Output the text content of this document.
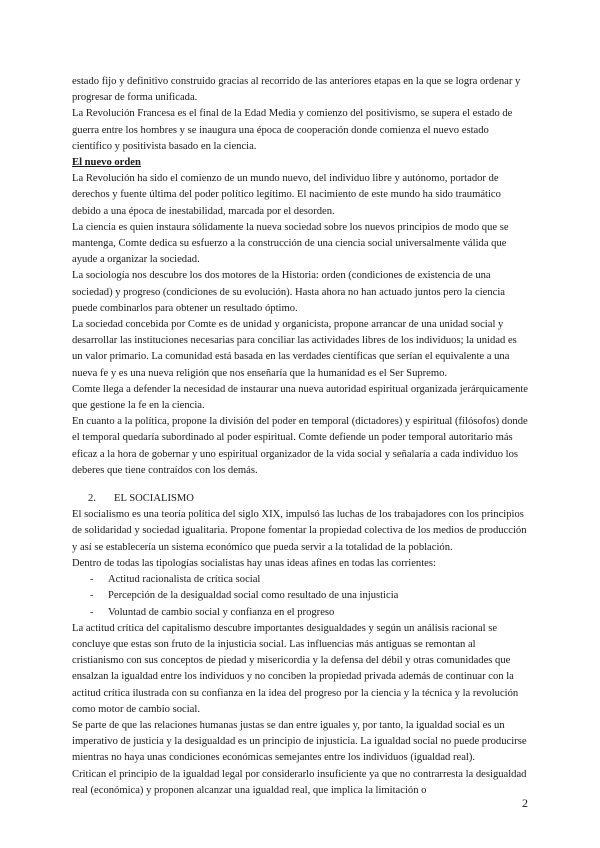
estado fijo y definitivo construido gracias al recorrido de las anteriores etapas en la que se logra ordenar y progresar de forma unificada.

La Revolución Francesa es el final de la Edad Media y comienzo del positivismo, se supera el estado de guerra entre los hombres y se inaugura una época de cooperación donde comienza el nuevo estado científico y positivista basado en la ciencia.

El nuevo orden

La Revolución ha sido el comienzo de un mundo nuevo, del individuo libre y autónomo, portador de derechos y fuente última del poder político legítimo. El nacimiento de este mundo ha sido traumático debido a una época de inestabilidad, marcada por el desorden.

La ciencia es quien instaura sólidamente la nueva sociedad sobre los nuevos principios de modo que se mantenga, Comte dedica su esfuerzo a la construcción de una ciencia social universalmente válida que ayude a organizar la sociedad.

La sociología nos descubre los dos motores de la Historia: orden (condiciones de existencia de una sociedad) y progreso (condiciones de su evolución). Hasta ahora no han actuado juntos pero la ciencia puede combinarlos para obtener un resultado óptimo.

La sociedad concebida por Comte es de unidad y organicista, propone arrancar de una unidad social y desarrollar las instituciones necesarias para conciliar las actividades libres de los individuos; la unidad es un valor primario. La comunidad está basada en las verdades científicas que serían el equivalente a una nueva fe y es una nueva religión que nos enseñaría que la humanidad es el Ser Supremo.

Comte llega a defender la necesidad de instaurar una nueva autoridad espiritual organizada jerárquicamente que gestione la fe en la ciencia.

En cuanto a la política, propone la división del poder en temporal (dictadores) y espiritual (filósofos) donde el temporal quedaría subordinado al poder espiritual. Comte defiende un poder temporal autoritario más eficaz a la hora de gobernar y uno espiritual organizador de la vida social y señalaría a cada individuo los deberes que tiene contraídos con los demás.

2. EL SOCIALISMO

El socialismo es una teoría política del siglo XIX, impulsó las luchas de los trabajadores con los principios de solidaridad y sociedad igualitaria. Propone fomentar la propiedad colectiva de los medios de producción y así se establecería un sistema económico que pueda servir a la totalidad de la población.

Dentro de todas las tipologías socialistas hay unas ideas afines en todas las corrientes:

- Actitud racionalista de crítica social
- Percepción de la desigualdad social como resultado de una injusticia
- Voluntad de cambio social y confianza en el progreso

La actitud crítica del capitalismo descubre importantes desigualdades y según un análisis racional se concluye que estas son fruto de la injusticia social. Las influencias más antiguas se remontan al cristianismo con sus conceptos de piedad y misericordia y la defensa del débil y otras comunidades que ensalzan la igualdad entre los individuos y no conciben la propiedad privada además de continuar con la actitud crítica ilustrada con su confianza en la idea del progreso por la ciencia y la técnica y la revolución como motor de cambio social.

Se parte de que las relaciones humanas justas se dan entre iguales y, por tanto, la igualdad social es un imperativo de justicia y la desigualdad es un principio de injusticia. La igualdad social no puede producirse mientras no haya unas condiciones económicas semejantes entre los individuos (igualdad real).

Critican el principio de la igualdad legal por considerarlo insuficiente ya que no contrarresta la desigualdad real (económica) y proponen alcanzar una igualdad real, que implica la limitación o

2
